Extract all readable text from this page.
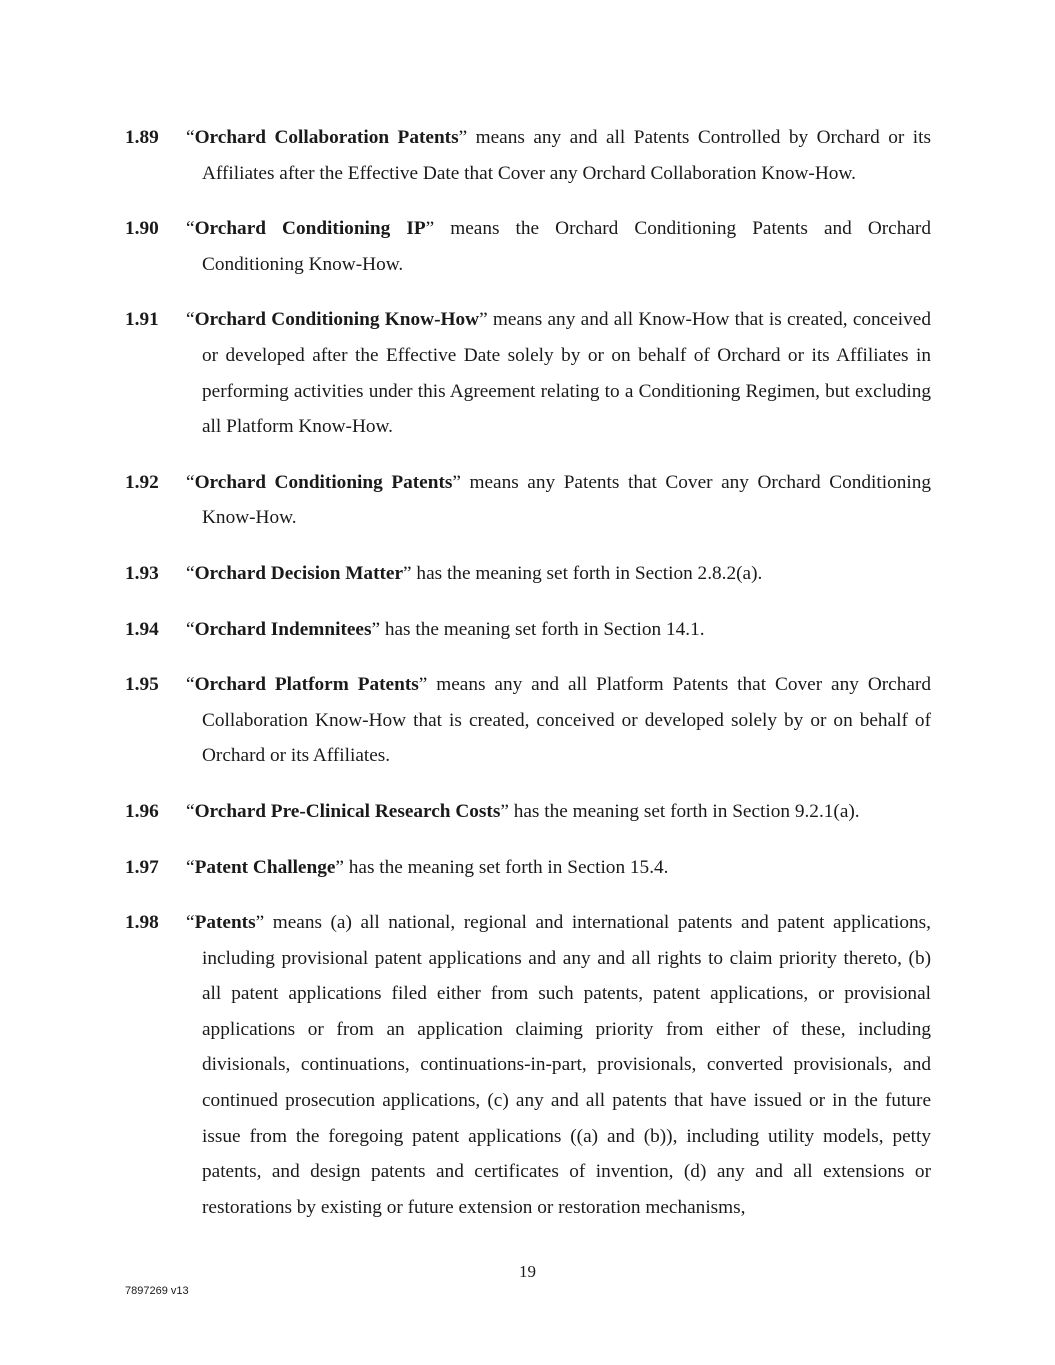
1.89	“Orchard Collaboration Patents” means any and all Patents Controlled by Orchard or its Affiliates after the Effective Date that Cover any Orchard Collaboration Know-How.

1.90	“Orchard Conditioning IP” means the Orchard Conditioning Patents and Orchard Conditioning Know-How.

1.91	“Orchard Conditioning Know-How” means any and all Know-How that is created, conceived or developed after the Effective Date solely by or on behalf of Orchard or its Affiliates in performing activities under this Agreement relating to a Conditioning Regimen, but excluding all Platform Know-How.

1.92	“Orchard Conditioning Patents” means any Patents that Cover any Orchard Conditioning Know-How.

1.93	“Orchard Decision Matter” has the meaning set forth in Section 2.8.2(a).

1.94	“Orchard Indemnitees” has the meaning set forth in Section 14.1.

1.95	“Orchard Platform Patents” means any and all Platform Patents that Cover any Orchard Collaboration Know-How that is created, conceived or developed solely by or on behalf of Orchard or its Affiliates.

1.96	“Orchard Pre-Clinical Research Costs” has the meaning set forth in Section 9.2.1(a).

1.97	“Patent Challenge” has the meaning set forth in Section 15.4.

1.98	“Patents” means (a) all national, regional and international patents and patent applications, including provisional patent applications and any and all rights to claim priority thereto, (b) all patent applications filed either from such patents, patent applications, or provisional applications or from an application claiming priority from either of these, including divisionals, continuations, continuations-in-part, provisionals, converted provisionals, and continued prosecution applications, (c) any and all patents that have issued or in the future issue from the foregoing patent applications ((a) and (b)), including utility models, petty patents, and design patents and certificates of invention, (d) any and all extensions or restorations by existing or future extension or restoration mechanisms,

19
7897269 v13
